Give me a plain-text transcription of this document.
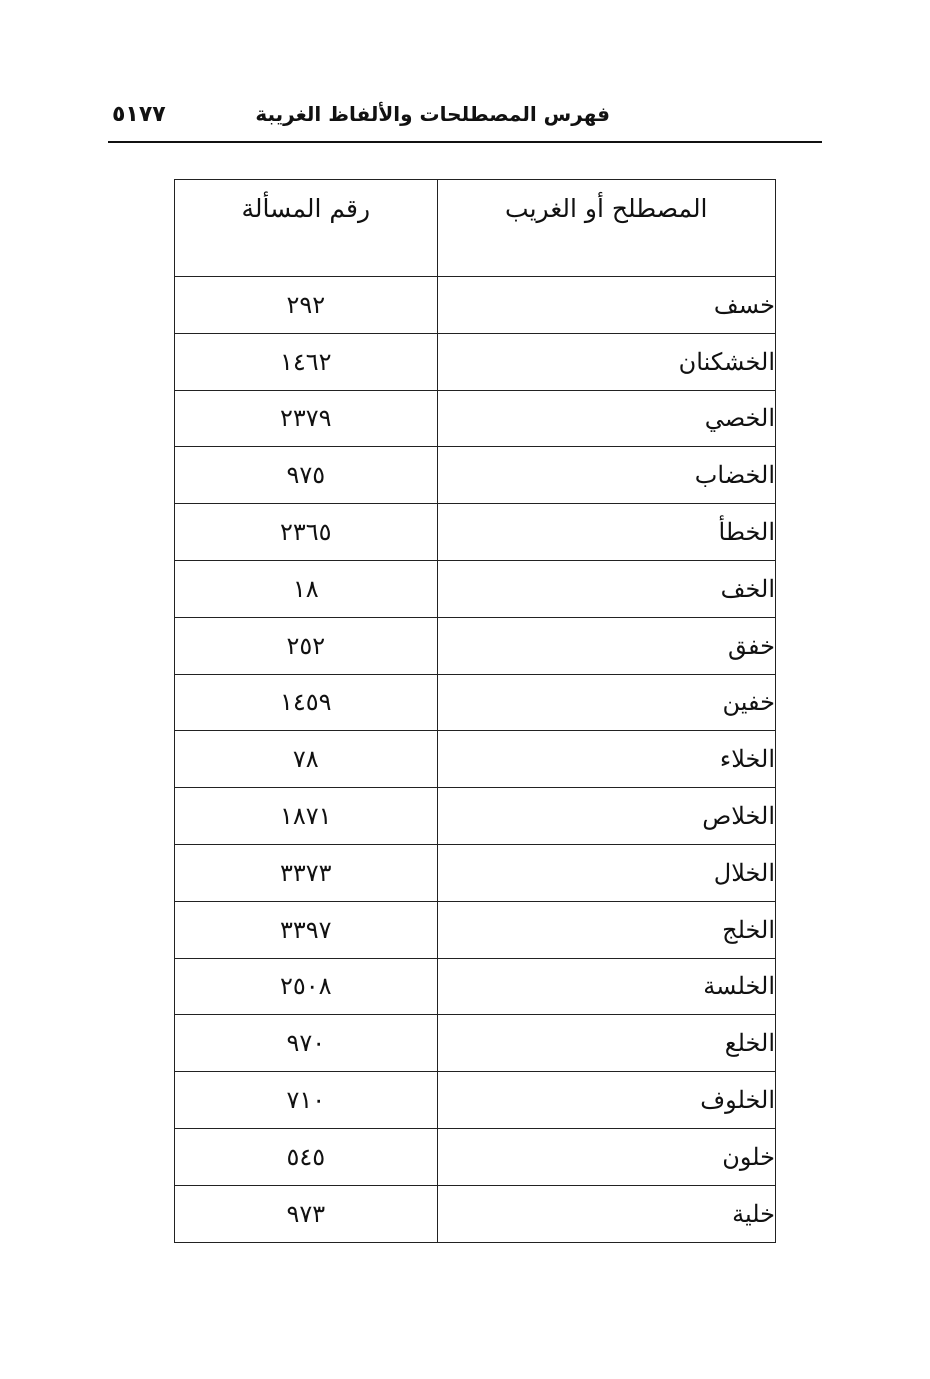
٥١٧٧	فهرس المصطلحات والألفاظ الغريبة
المصطلح أو الغريب	رقم المسألة
خسف	٢٩٢
الخشكنان	١٤٦٢
الخصي	٢٣٧٩
الخضاب	٩٧٥
الخطأ	٢٣٦٥
الخف	١٨
خفق	٢٥٢
خفين	١٤٥٩
الخلاء	٧٨
الخلاص	١٨٧١
الخلال	٣٣٧٣
الخلج	٣٣٩٧
الخلسة	٢٥٠٨
الخلع	٩٧٠
الخلوف	٧١٠
خلون	٥٤٥
خلية	٩٧٣
